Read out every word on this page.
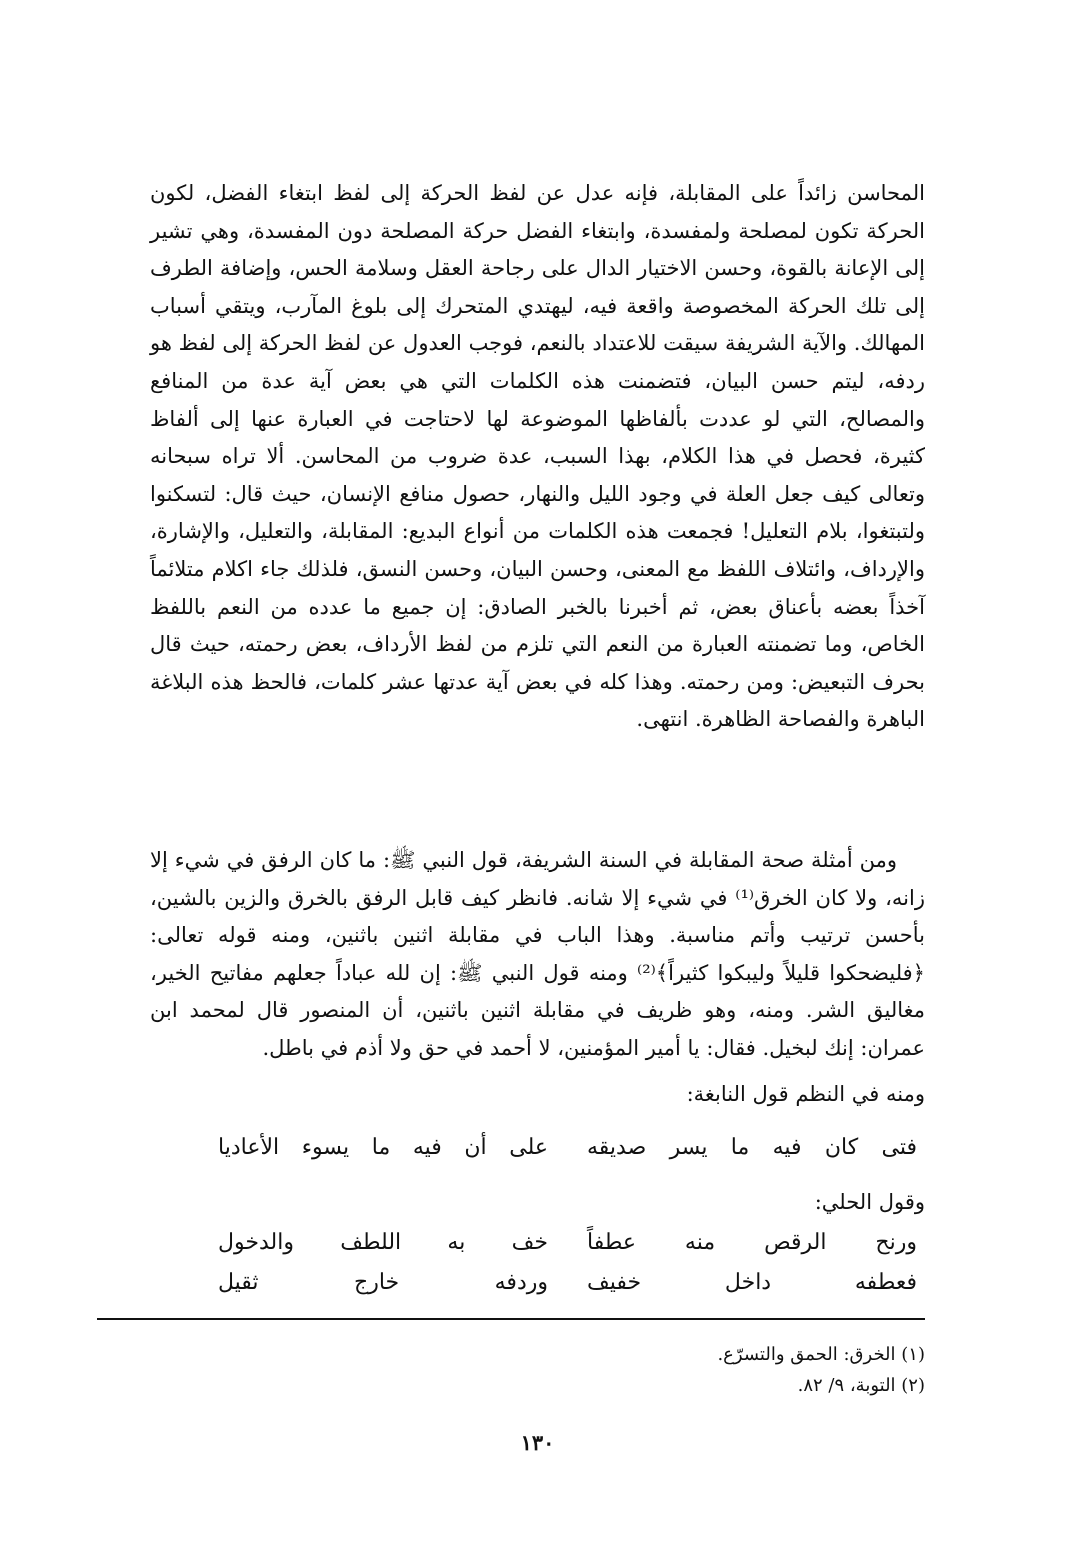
المحاسن زائداً على المقابلة، فإنه عدل عن لفظ الحركة إلى لفظ ابتغاء الفضل، لكون الحركة تكون لمصلحة ولمفسدة، وابتغاء الفضل حركة المصلحة دون المفسدة، وهي تشير إلى الإعانة بالقوة، وحسن الاختيار الدال على رجاحة العقل وسلامة الحس، وإضافة الطرف إلى تلك الحركة المخصوصة واقعة فيه، ليهتدي المتحرك إلى بلوغ المآرب، ويتقي أسباب المهالك. والآية الشريفة سيقت للاعتداد بالنعم، فوجب العدول عن لفظ الحركة إلى لفظ هو ردفه، ليتم حسن البيان، فتضمنت هذه الكلمات التي هي بعض آية عدة من المنافع والمصالح، التي لو عددت بألفاظها الموضوعة لها لاحتاجت في العبارة عنها إلى ألفاظ كثيرة، فحصل في هذا الكلام، بهذا السبب، عدة ضروب من المحاسن. ألا تراه سبحانه وتعالى كيف جعل العلة في وجود الليل والنهار، حصول منافع الإنسان، حيث قال: لتسكنوا ولتبتغوا، بلام التعليل! فجمعت هذه الكلمات من أنواع البديع: المقابلة، والتعليل، والإشارة، والإرداف، وائتلاف اللفظ مع المعنى، وحسن البيان، وحسن النسق، فلذلك جاء اكلام متلائماً آخذاً بعضه بأعناق بعض، ثم أخبرنا بالخبر الصادق: إن جميع ما عدده من النعم باللفظ الخاص، وما تضمنته العبارة من النعم التي تلزم من لفظ الأرداف، بعض رحمته، حيث قال بحرف التبعيض: ومن رحمته. وهذا كله في بعض آية عدتها عشر كلمات، فالحظ هذه البلاغة الباهرة والفصاحة الظاهرة. انتهى.

ومن أمثلة صحة المقابلة في السنة الشريفة، قول النبي ﷺ: ما كان الرفق في شيء إلا زانه، ولا كان الخرق⁽¹⁾ في شيء إلا شانه. فانظر كيف قابل الرفق بالخرق والزين بالشين، بأحسن ترتيب وأتم مناسبة. وهذا الباب في مقابلة اثنين باثنين، ومنه قوله تعالى: ﴿فليضحكوا قليلاً وليبكوا كثيراً﴾⁽²⁾ ومنه قول النبي ﷺ: إن لله عباداً جعلهم مفاتيح الخير، مغاليق الشر. ومنه، وهو ظريف في مقابلة اثنين باثنين، أن المنصور قال لمحمد ابن عمران: إنك لبخيل. فقال: يا أمير المؤمنين، لا أحمد في حق ولا أذم في باطل.

ومنه في النظم قول النابغة:
فتى كان فيه ما يسر صديقه
على أن فيه ما يسوء الأعاديا
وقول الحلي:
ورنح الرقص منه عطفاً
خف به اللطف والدخول
فعطفه داخل خفيف
وردفه خارج ثقيل
(١) الخرق: الحمق والتسرّع.
(٢) التوبة، ٩/ ٨٢.
١٣٠
